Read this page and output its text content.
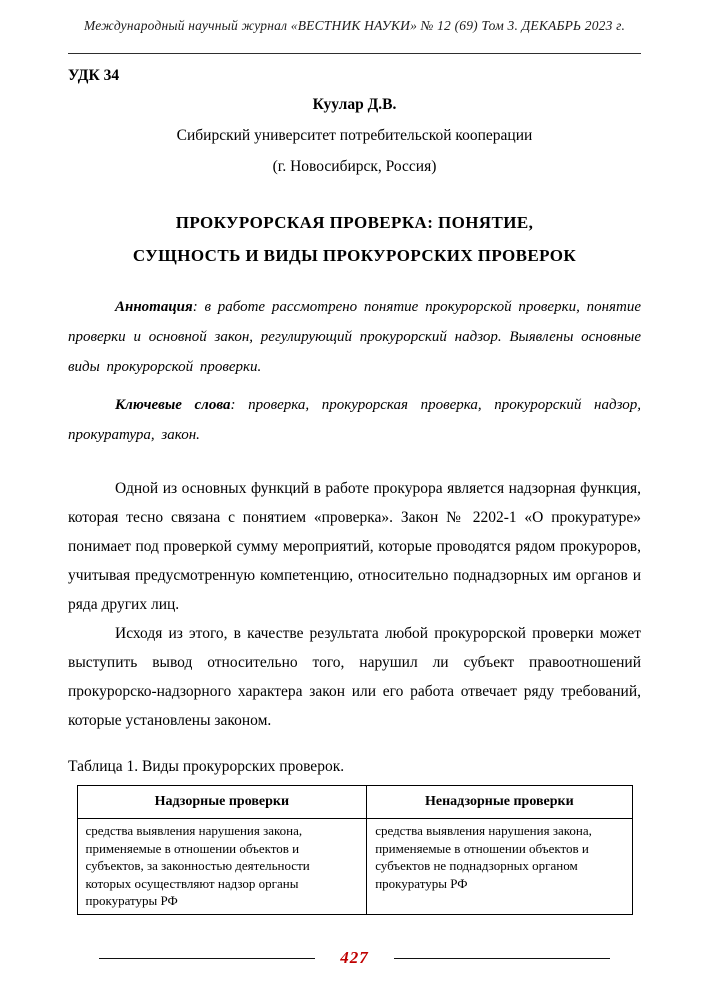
Международный научный журнал «ВЕСТНИК НАУКИ» № 12 (69) Том 3. ДЕКАБРЬ 2023 г.
УДК 34
Куулар Д.В.
Сибирский университет потребительской кооперации
(г. Новосибирск, Россия)
ПРОКУРОРСКАЯ ПРОВЕРКА: ПОНЯТИЕ,
СУЩНОСТЬ И ВИДЫ ПРОКУРОРСКИХ ПРОВЕРОК

Аннотация: в работе рассмотрено понятие прокурорской проверки, понятие проверки и основной закон, регулирующий прокурорский надзор. Выявлены основные виды прокурорской проверки.

Ключевые слова: проверка, прокурорская проверка, прокурорский надзор, прокуратура, закон.

Одной из основных функций в работе прокурора является надзорная функция, которая тесно связана с понятием «проверка». Закон № 2202-1 «О прокуратуре» понимает под проверкой сумму мероприятий, которые проводятся рядом прокуроров, учитывая предусмотренную компетенцию, относительно поднадзорных им органов и ряда других лиц.

Исходя из этого, в качестве результата любой прокурорской проверки может выступить вывод относительно того, нарушил ли субъект правоотношений прокурорско-надзорного характера закон или его работа отвечает ряду требований, которые установлены законом.

Таблица 1. Виды прокурорских проверок.
Надзорные проверки	Ненадзорные проверки
средства выявления нарушения закона, применяемые в отношении объектов и субъектов, за законностью деятельности которых осуществляют надзор органы прокуратуры РФ	средства выявления нарушения закона, применяемые в отношении объектов и субъектов не поднадзорных органом прокуратуры РФ
427
